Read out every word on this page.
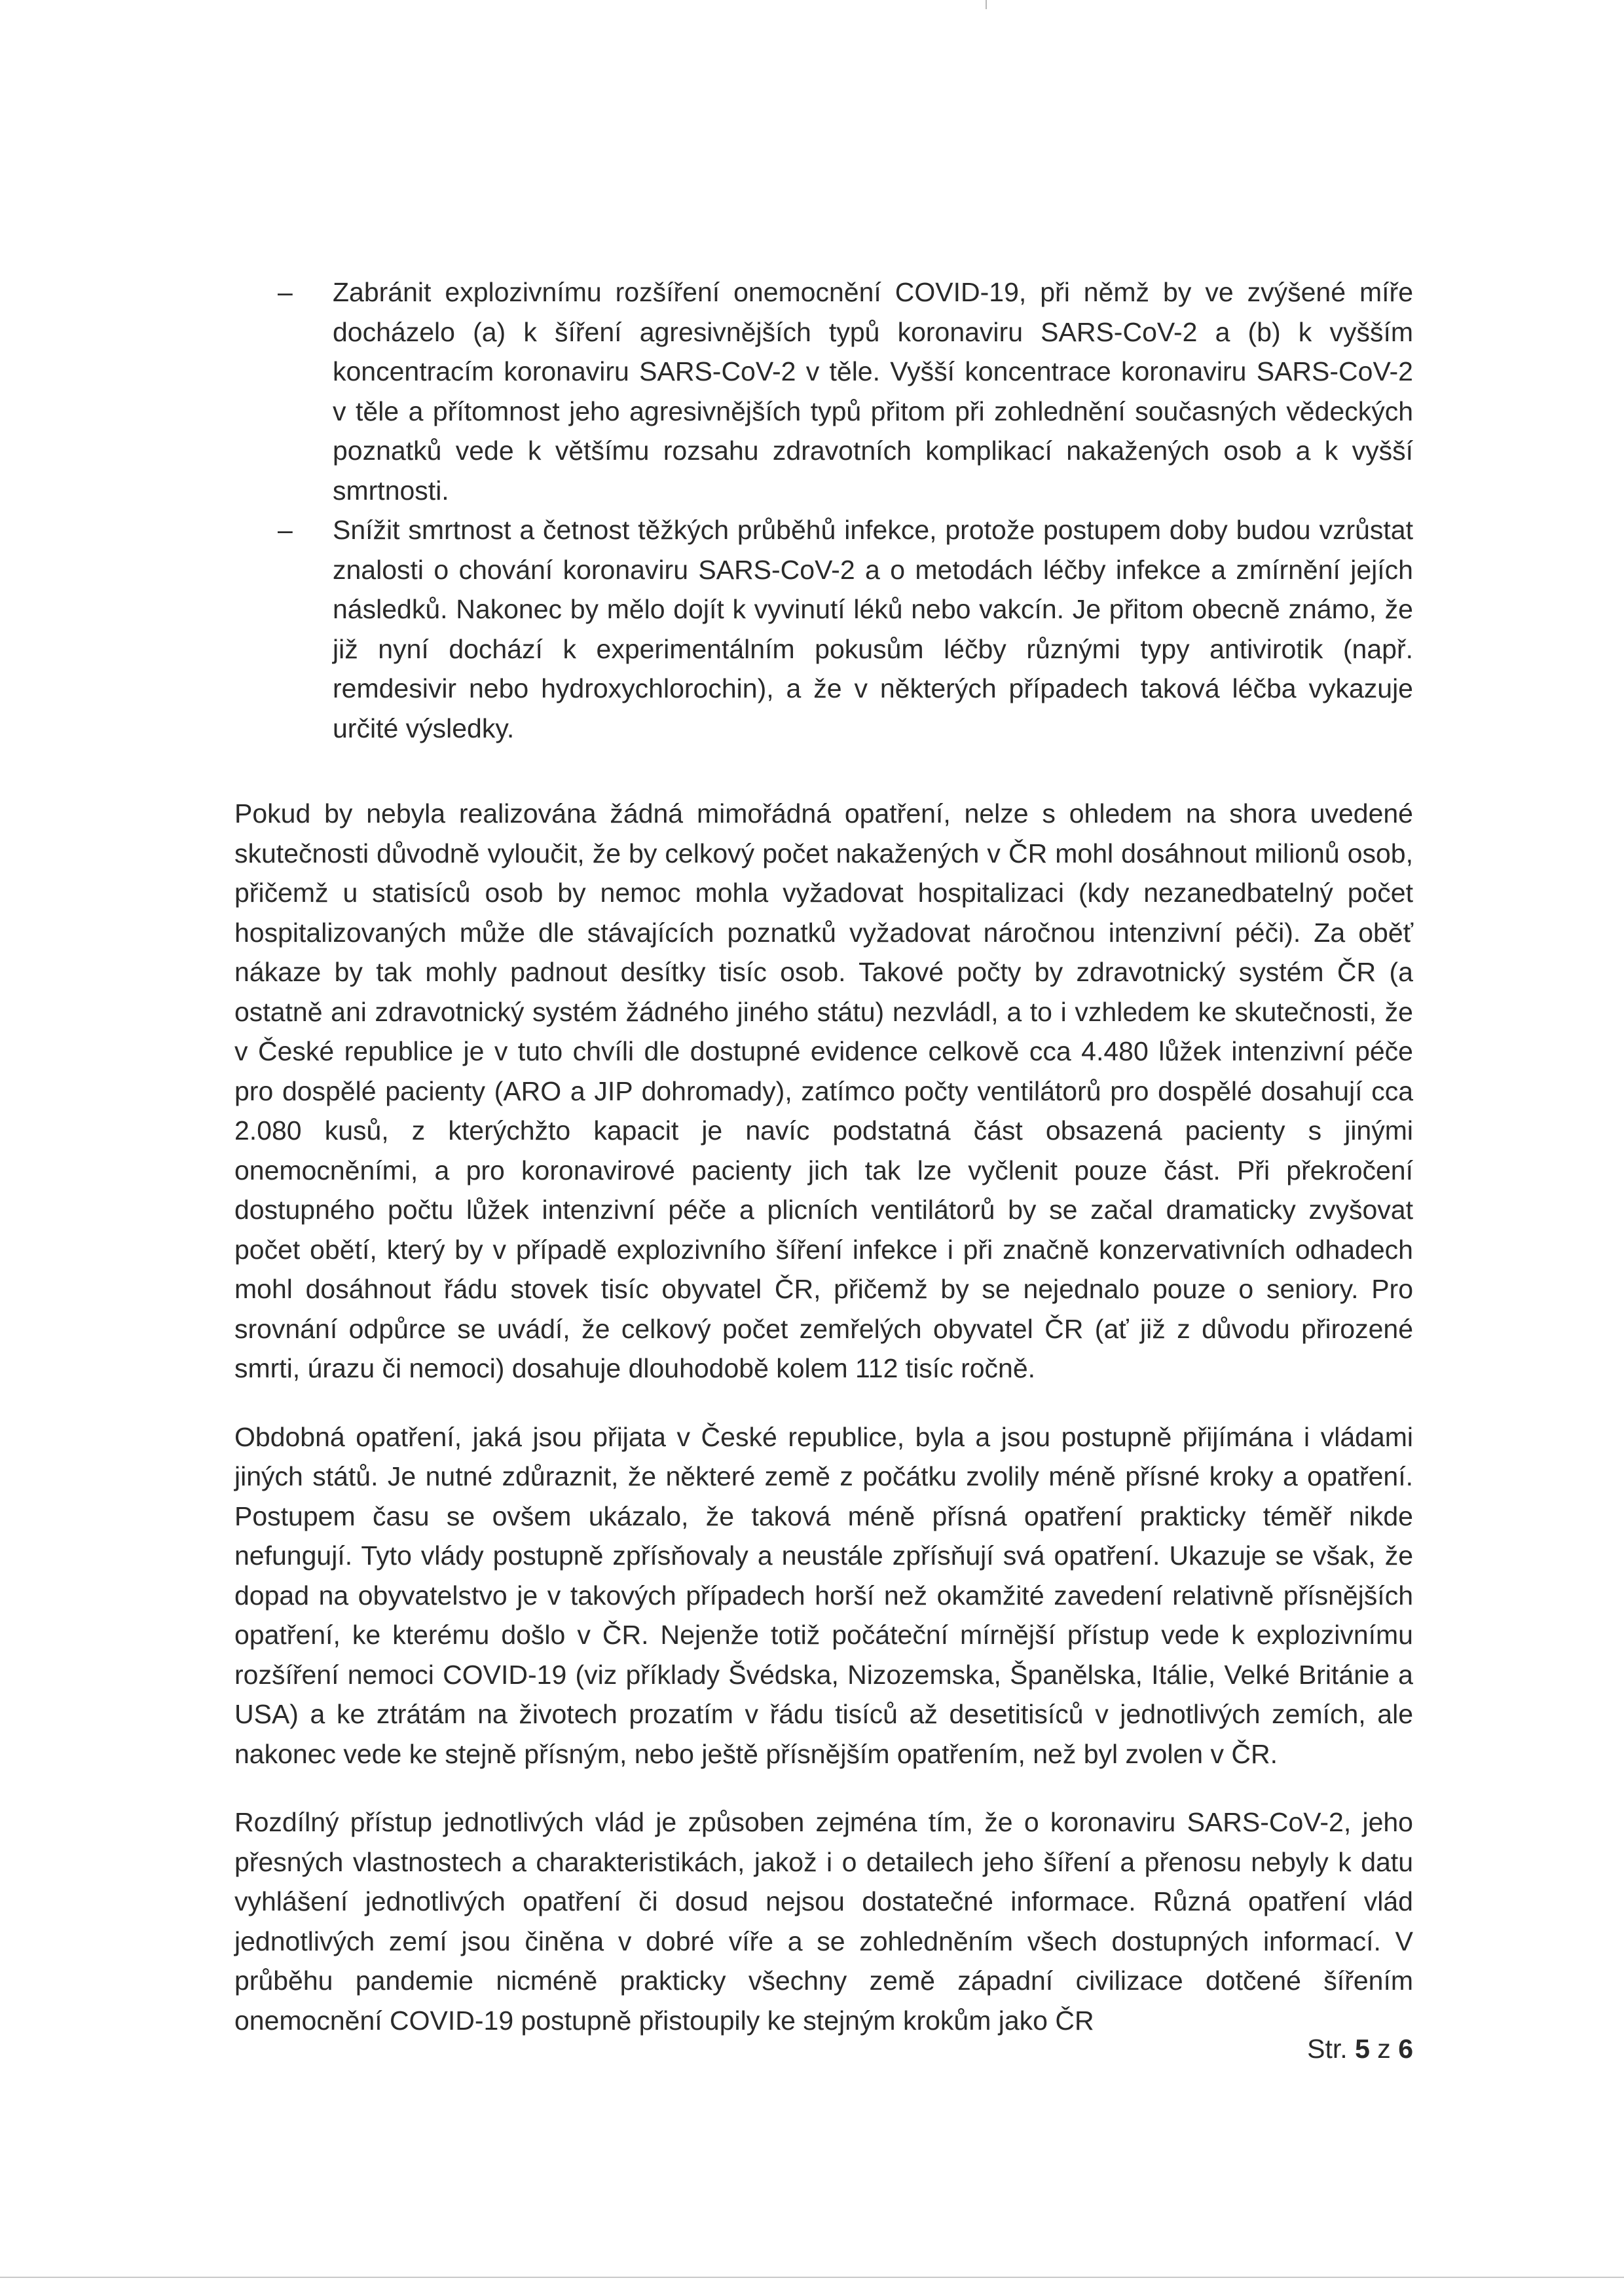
– Zabránit explozivnímu rozšíření onemocnění COVID-19, při němž by ve zvýšené míře docházelo (a) k šíření agresivnějších typů koronaviru SARS-CoV-2 a (b) k vyšším koncentracím koronaviru SARS-CoV-2 v těle. Vyšší koncentrace koronaviru SARS-CoV-2 v těle a přítomnost jeho agresivnějších typů přitom při zohlednění současných vědeckých poznatků vede k většímu rozsahu zdravotních komplikací nakažených osob a k vyšší smrtnosti.
– Snížit smrtnost a četnost těžkých průběhů infekce, protože postupem doby budou vzrůstat znalosti o chování koronaviru SARS-CoV-2 a o metodách léčby infekce a zmírnění jejích následků. Nakonec by mělo dojít k vyvinutí léků nebo vakcín. Je přitom obecně známo, že již nyní dochází k experimentálním pokusům léčby různými typy antivirotik (např. remdesivir nebo hydroxychlorochin), a že v některých případech taková léčba vykazuje určité výsledky.

Pokud by nebyla realizována žádná mimořádná opatření, nelze s ohledem na shora uvedené skutečnosti důvodně vyloučit, že by celkový počet nakažených v ČR mohl dosáhnout milionů osob, přičemž u statisíců osob by nemoc mohla vyžadovat hospitalizaci (kdy nezanedbatelný počet hospitalizovaných může dle stávajících poznatků vyžadovat náročnou intenzivní péči). Za oběť nákaze by tak mohly padnout desítky tisíc osob. Takové počty by zdravotnický systém ČR (a ostatně ani zdravotnický systém žádného jiného státu) nezvládl, a to i vzhledem ke skutečnosti, že v České republice je v tuto chvíli dle dostupné evidence celkově cca 4.480 lůžek intenzivní péče pro dospělé pacienty (ARO a JIP dohromady), zatímco počty ventilátorů pro dospělé dosahují cca 2.080 kusů, z kterýchžto kapacit je navíc podstatná část obsazená pacienty s jinými onemocněními, a pro koronavirové pacienty jich tak lze vyčlenit pouze část. Při překročení dostupného počtu lůžek intenzivní péče a plicních ventilátorů by se začal dramaticky zvyšovat počet obětí, který by v případě explozivního šíření infekce i při značně konzervativních odhadech mohl dosáhnout řádu stovek tisíc obyvatel ČR, přičemž by se nejednalo pouze o seniory. Pro srovnání odpůrce se uvádí, že celkový počet zemřelých obyvatel ČR (ať již z důvodu přirozené smrti, úrazu či nemoci) dosahuje dlouhodobě kolem 112 tisíc ročně.

Obdobná opatření, jaká jsou přijata v České republice, byla a jsou postupně přijímána i vládami jiných států. Je nutné zdůraznit, že některé země z počátku zvolily méně přísné kroky a opatření. Postupem času se ovšem ukázalo, že taková méně přísná opatření prakticky téměř nikde nefungují. Tyto vlády postupně zpřísňovaly a neustále zpřísňují svá opatření. Ukazuje se však, že dopad na obyvatelstvo je v takových případech horší než okamžité zavedení relativně přísnějších opatření, ke kterému došlo v ČR. Nejenže totiž počáteční mírnější přístup vede k explozivnímu rozšíření nemoci COVID-19 (viz příklady Švédska, Nizozemska, Španělska, Itálie, Velké Británie a USA) a ke ztrátám na životech prozatím v řádu tisíců až desetitisíců v jednotlivých zemích, ale nakonec vede ke stejně přísným, nebo ještě přísnějším opatřením, než byl zvolen v ČR.

Rozdílný přístup jednotlivých vlád je způsoben zejména tím, že o koronaviru SARS-CoV-2, jeho přesných vlastnostech a charakteristikách, jakož i o detailech jeho šíření a přenosu nebyly k datu vyhlášení jednotlivých opatření či dosud nejsou dostatečné informace. Různá opatření vlád jednotlivých zemí jsou činěna v dobré víře a se zohledněním všech dostupných informací. V průběhu pandemie nicméně prakticky všechny země západní civilizace dotčené šířením onemocnění COVID-19 postupně přistoupily ke stejným krokům jako ČR

Str. 5 z 6
